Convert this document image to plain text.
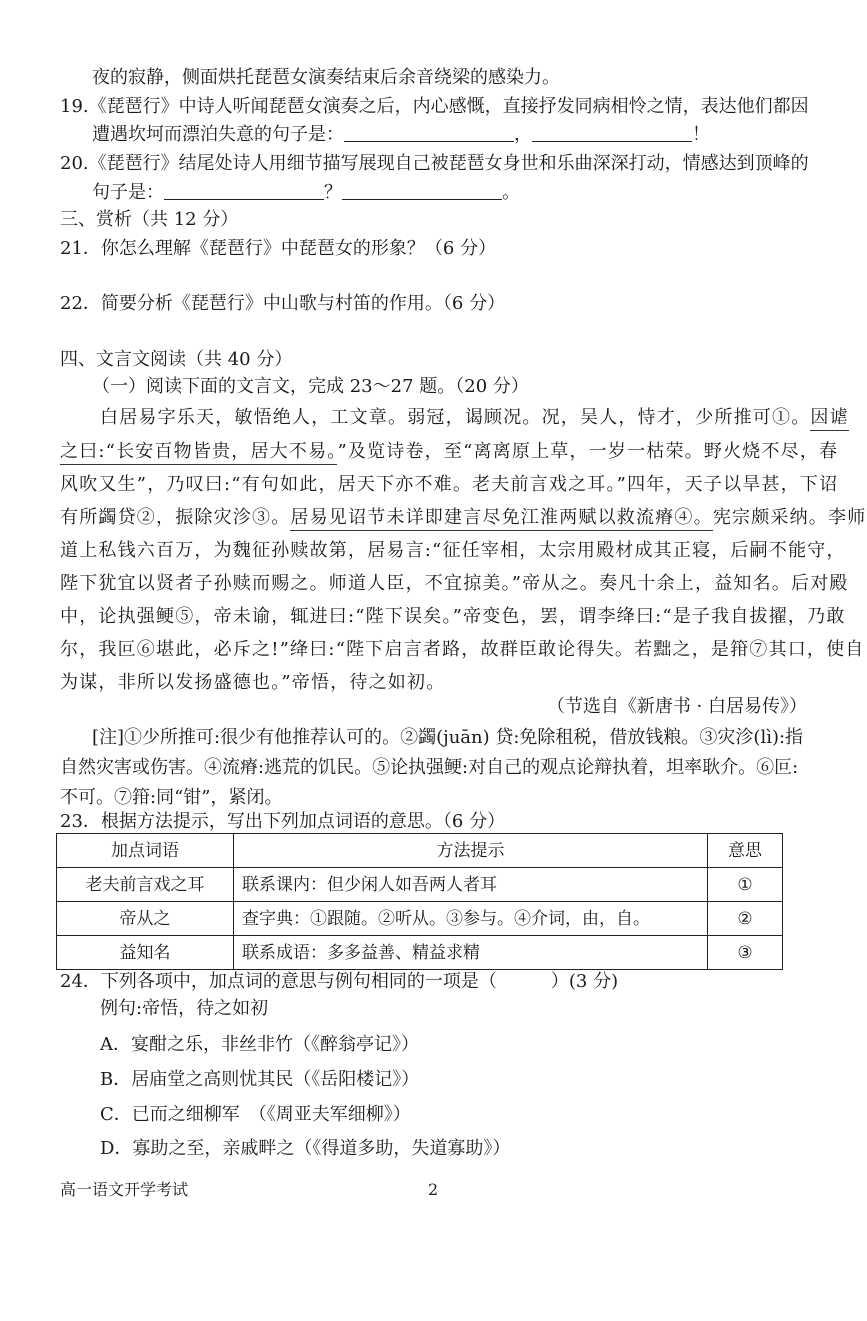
夜的寂静，侧面烘托琵琶女演奏结束后余音绕梁的感染力。
19.《琵琶行》中诗人听闻琵琶女演奏之后，内心感慨，直接抒发同病相怜之情，表达他们都因
遭遇坎坷而漂泊失意的句子是：	，	！
20.《琵琶行》结尾处诗人用细节描写展现自己被琵琶女身世和乐曲深深打动，情感达到顶峰的
句子是：	？	。
三、赏析（共 12 分）
21．你怎么理解《琵琶行》中琵琶女的形象？（6 分）
22．简要分析《琵琶行》中山歌与村笛的作用。（6 分）
四、文言文阅读（共 40 分）
（一）阅读下面的文言文，完成 23～27 题。（20 分）
白居易字乐天，敏悟绝人，工文章。弱冠，谒顾况。况，吴人，恃才，少所推可①。因谑
之曰:“长安百物皆贵，居大不易。”及览诗卷，至“离离原上草，一岁一枯荣。野火烧不尽，春
风吹又生”，乃叹曰:“有句如此，居天下亦不难。老夫前言戏之耳。”四年，天子以旱甚，下诏
有所蠲贷②，振除灾沴③。居易见诏节未详即建言尽免江淮两赋以救流瘠④。宪宗颇采纳。李师
道上私钱六百万，为魏征孙赎故第，居易言:“征任宰相，太宗用殿材成其正寝，后嗣不能守，
陛下犹宜以贤者子孙赎而赐之。师道人臣，不宜掠美。”帝从之。奏凡十余上，益知名。后对殿
中，论执强鲠⑤，帝未谕，辄进曰:“陛下误矣。”帝变色，罢，谓李绛曰:“是子我自拔擢，乃敢
尔，我叵⑥堪此，必斥之!”绛曰:“陛下启言者路，故群臣敢论得失。若黜之，是箝⑦其口，使自
为谋，非所以发扬盛德也。”帝悟，待之如初。
（节选自《新唐书 · 白居易传》）
[注]①少所推可:很少有他推荐认可的。②蠲(juān) 贷:免除租税，借放钱粮。③灾沴(lì):指
自然灾害或伤害。④流瘠:逃荒的饥民。⑤论执强鲠:对自己的观点论辩执着，坦率耿介。⑥叵:
不可。⑦箝:同“钳”，紧闭。
23．根据方法提示，写出下列加点词语的意思。（6 分）
加点词语	方法提示	意思
老夫前言戏之耳	联系课内：但少闲人如吾两人者耳	①
帝从之	查字典：①跟随。②听从。③参与。④介词，由，自。	②
益知名	联系成语：多多益善、精益求精	③
24．下列各项中，加点词的意思与例句相同的一项是（　　　）(3 分)
例句:帝悟，待之如初
A．宴酣之乐，非丝非竹（《醉翁亭记》）
B．居庙堂之高则忧其民（《岳阳楼记》）
C．已而之细柳军　（《周亚夫军细柳》）
D．寡助之至，亲戚畔之（《得道多助，失道寡助》）
高一语文开学考试	2
